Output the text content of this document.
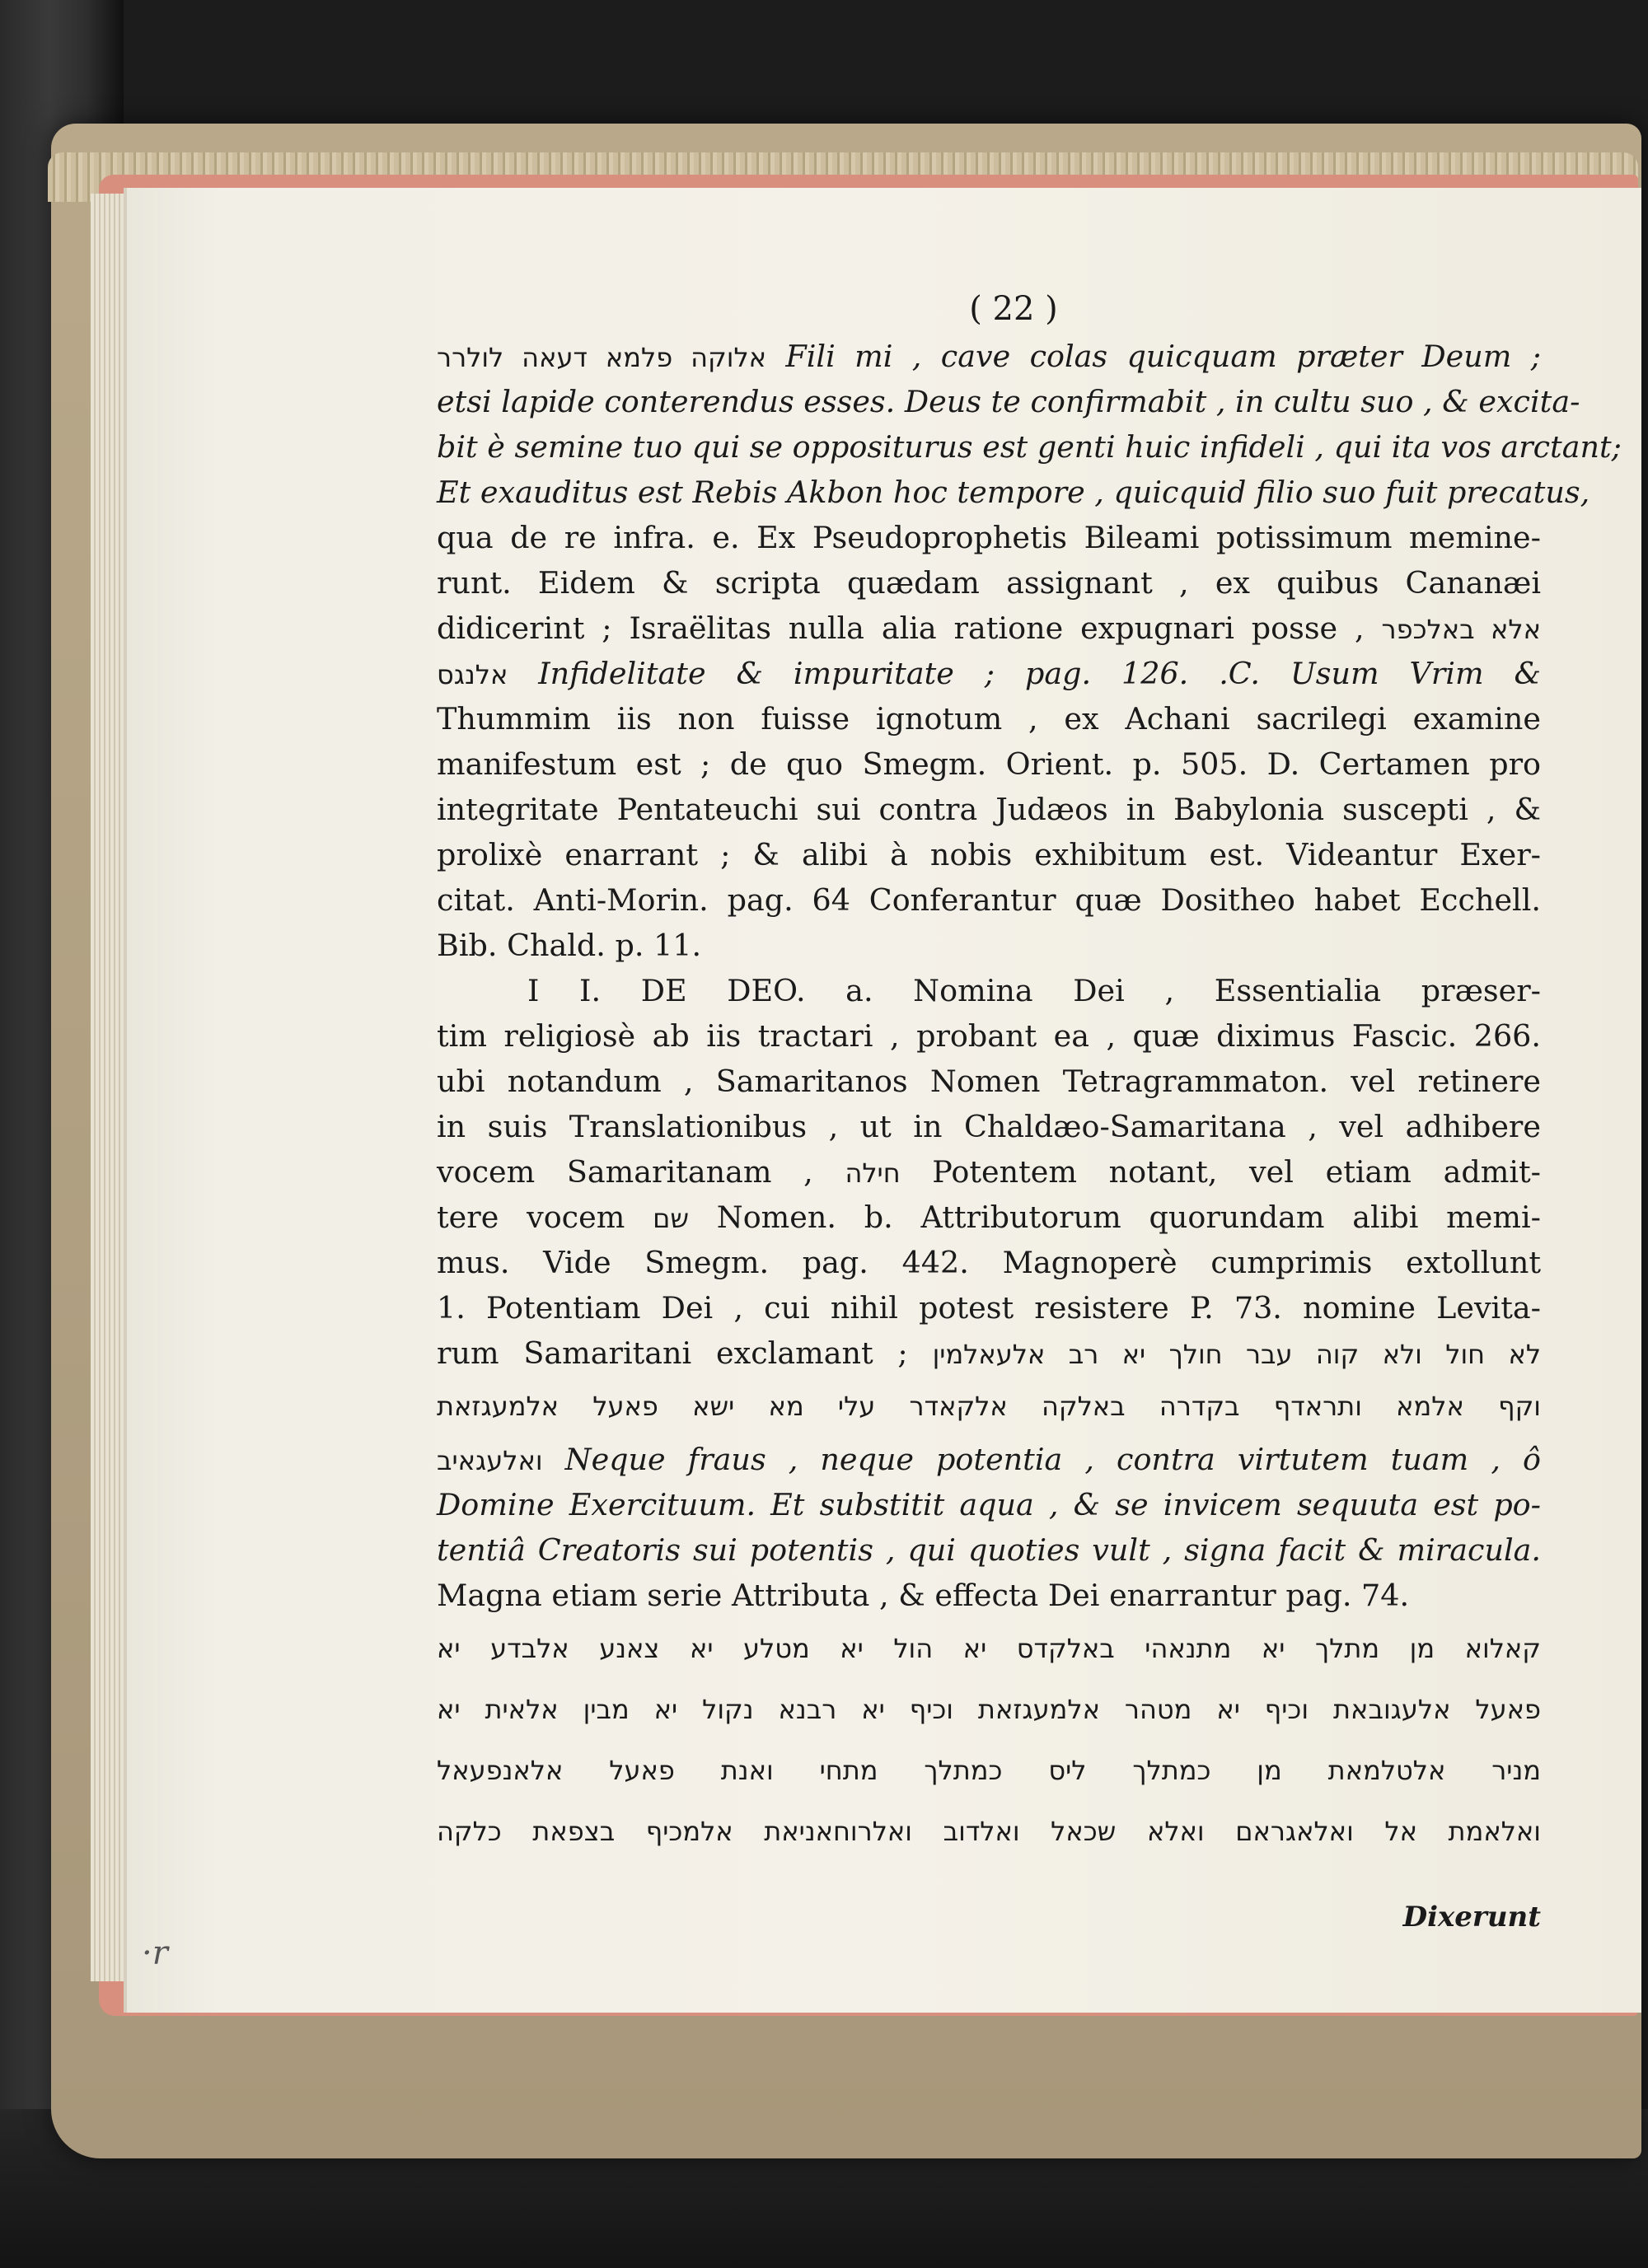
·r
( 22 )
אלוקה פלמא דעאה לולרר Fili mi , cave colas quicquam præter Deum ;
etsi lapide conterendus esses. Deus te confirmabit , in cultu suo , & excita-
bit è semine tuo qui se oppositurus est genti huic infideli , qui ita vos arctant;
Et exauditus est Rebis Akbon hoc tempore , quicquid filio suo fuit precatus,
qua de re infra. e. Ex Pseudoprophetis Bileami potissimum memine-
runt. Eidem & scripta quædam assignant , ex quibus Cananæi
didicerint ; Israëlitas nulla alia ratione expugnari posse , אלא באלכפר
אלנגס Infidelitate & impuritate ; pag. 126. .C. Usum Vrim &
Thummim iis non fuisse ignotum , ex Achani sacrilegi examine
manifestum est ; de quo Smegm. Orient. p. 505. D. Certamen pro
integritate Pentateuchi sui contra Judæos in Babylonia suscepti , &
prolixè enarrant ; & alibi à nobis exhibitum est. Videantur Exer-
citat. Anti-Morin. pag. 64 Conferantur quæ Dositheo habet Ecchell.
Bib. Chald. p. 11.
I I. DE DEO. a. Nomina Dei , Essentialia præser-
tim religiosè ab iis tractari , probant ea , quæ diximus Fascic. 266.
ubi notandum , Samaritanos Nomen Tetragrammaton. vel retinere
in suis Translationibus , ut in Chaldæo-Samaritana , vel adhibere
vocem Samaritanam , חילה Potentem notant, vel etiam admit-
tere vocem שם Nomen. b. Attributorum quorundam alibi memi-
mus. Vide Smegm. pag. 442. Magnoperè cumprimis extollunt
1. Potentiam Dei , cui nihil potest resistere P. 73. nomine Levita-
rum Samaritani exclamant ; לא חול ולא קוה עבר חולך יא רב אלעאלמין
וקף אלמא ותראדף בקדרה באלקה אלקאדר עלי מא ישא פאעל אלמעגזאת
ואלעגאיב Neque fraus , neque potentia , contra virtutem tuam , ô
Domine Exercituum. Et substitit aqua , & se invicem sequuta est po-
tentiâ Creatoris sui potentis , qui quoties vult , signa facit & miracula.
Magna etiam serie Attributa , & effecta Dei enarrantur pag. 74.
קאלוא מן מתלך יא מתנאהי באלקדס יא הול יא מטלע יא צאנע אלבדע יא
פאעל אלעגובאת וכיף יא מטהר אלמעגזאת וכיף יא רבנא נקול יא מבין אלאית יא
מניר אלטלמאת מן כמתלך ליס כמתלך מתחי ואנת פאעל אלאנפעאל
ואלאמת אל ואלאגראם ואלא שכאל ואלדוב ואלרוחאניאת אלמכיף בצפאת כלקה
Dixerunt
